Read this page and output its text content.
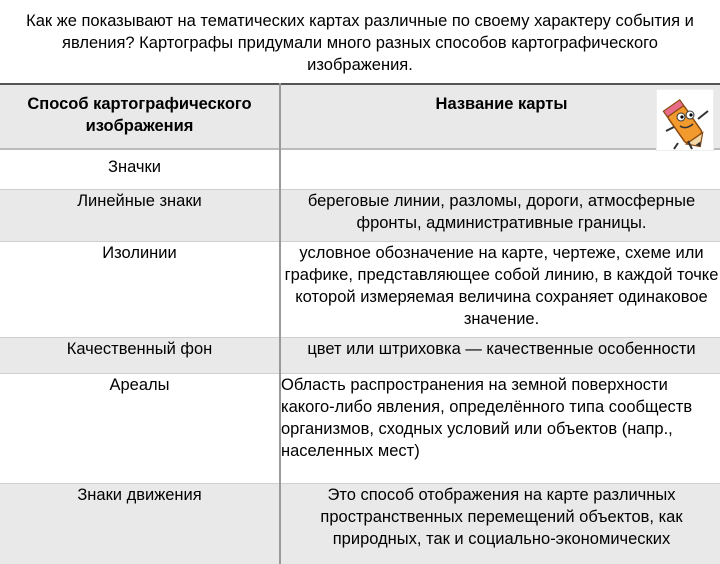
Как же показывают на тематических картах различные по своему характеру события и явления? Картографы придумали много разных способов картографического изображения.
Способ картографического изображения	Название карты

Значки	
Линейные знаки	береговые линии, разломы, дороги, атмосферные фронты, административные границы.
Изолинии	условное обозначение на карте, чертеже, схеме или графике, представляющее собой линию, в каждой точке которой измеряемая величина сохраняет одинаковое значение.
Качественный фон	цвет или штриховка — качественные особенности
Ареалы	Область распространения на земной поверхности какого-либо явления, определённого типа сообществ организмов, сходных условий или объектов (напр., населенных мест)
Знаки движения	Это способ отображения на карте различных пространственных перемещений объектов, как природных, так и социально-экономических
